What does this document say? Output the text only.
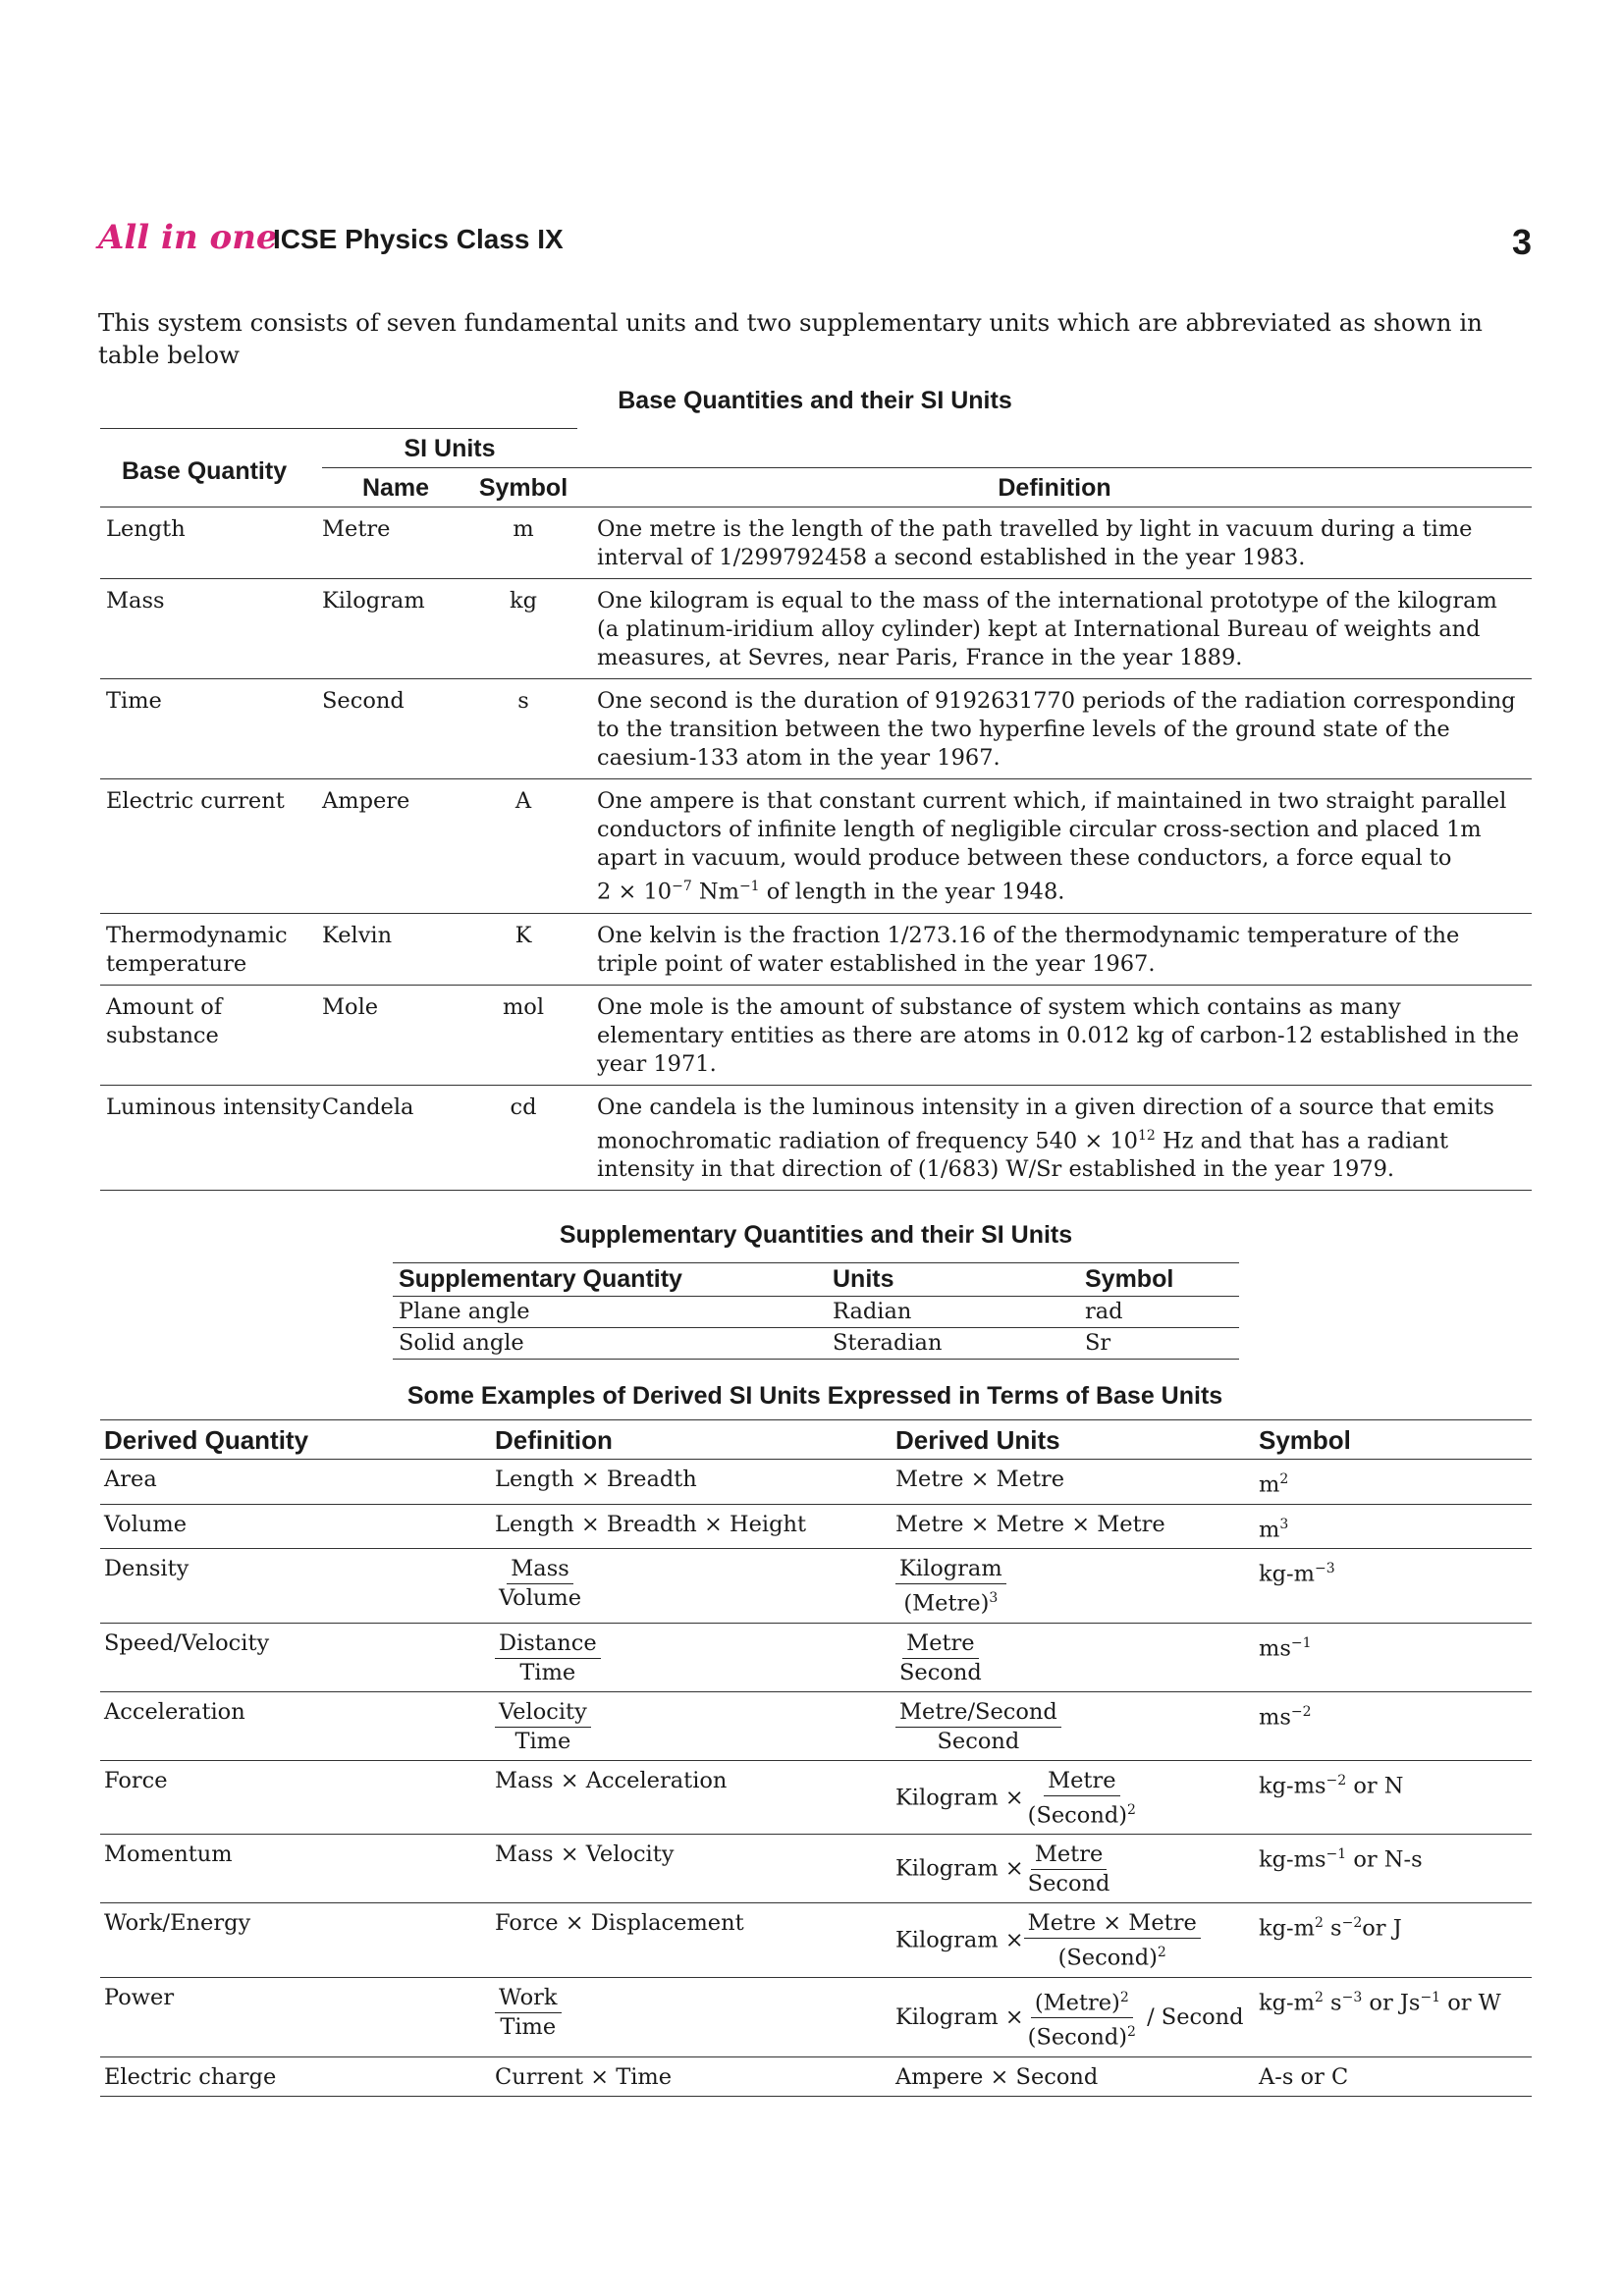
All in one
ICSE Physics Class IX	3
This system consists of seven fundamental units and two supplementary units which are abbreviated as shown in table below
Base Quantities and their SI Units
Base Quantity	SI Units		
	Name	Symbol	Definition
Length	Metre	m	One metre is the length of the path travelled by light in vacuum during a time interval of 1/299792458 a second established in the year 1983.
Mass	Kilogram	kg	One kilogram is equal to the mass of the international prototype of the kilogram (a platinum-iridium alloy cylinder) kept at International Bureau of weights and measures, at Sevres, near Paris, France in the year 1889.
Time	Second	s	One second is the duration of 9192631770 periods of the radiation corresponding to the transition between the two hyperfine levels of the ground state of the caesium-133 atom in the year 1967.
Electric current	Ampere	A	One ampere is that constant current which, if maintained in two straight parallel conductors of infinite length of negligible circular cross-section and placed 1m apart in vacuum, would produce between these conductors, a force equal to
$2 \times 10^{-7}$ $Nm^{-1}$ of length in the year 1948.
Thermodynamic temperature	Kelvin	K	One kelvin is the fraction 1/273.16 of the thermodynamic temperature of the triple point of water established in the year 1967.
Amount of substance	Mole	mol	One mole is the amount of substance of system which contains as many elementary entities as there are atoms in 0.012 kg of carbon-12 established in the year 1971.
Luminous intensity	Candela	cd	One candela is the luminous intensity in a given direction of a source that emits monochromatic radiation of frequency $540 \times 10^{12}$ Hz and that has a radiant intensity in that direction of (1/683) W/Sr established in the year 1979.
Supplementary Quantities and their SI Units
Supplementary Quantity	Units	Symbol
Plane angle	Radian	rad
Solid angle	Steradian	Sr
Some Examples of Derived SI Units Expressed in Terms of Base Units
Derived Quantity	Definition	Derived Units	Symbol
Area	Length × Breadth	Metre × Metre	$m^2$
Volume	Length × Breadth × Height	Metre × Metre × Metre	$m^3$
Density	$\frac{\text{Mass}}{\text{Volume}}$	$\frac{\text{Kilogram}}{(Metre)^3}$	$kg-m^{-3}$
Speed/Velocity	$\frac{\text{Distance}}{\text{Time}}$	$\frac{\text{Metre}}{\text{Second}}$	$ms^{-1}$
Acceleration	$\frac{\text{Velocity}}{\text{Time}}$	$\frac{\text{Metre/Second}}{\text{Second}}$	$ms^{-2}$
Force	Mass × Acceleration	Kilogram × $\frac{\text{Metre}}{(Second)^2}$	$kg-ms^{-2}$ or N
Momentum	Mass × Velocity	Kilogram × $\frac{\text{Metre}}{\text{Second}}$	$kg-ms^{-1}$ or N-s
Work/Energy	Force × Displacement	Kilogram × $\frac{\text{Metre × Metre}}{(Second)^2}$	$kg-m^2$ $s^{-2}or$ J
Power	$\frac{\text{Work}}{\text{Time}}$	Kilogram × $\frac{(Metre)^2}{(Second)^2}$ / Second	$kg-m^2$ $s^{-3}$ or $Js^{-1}$ or W
Electric charge	Current × Time	Ampere × Second	A-s or C
